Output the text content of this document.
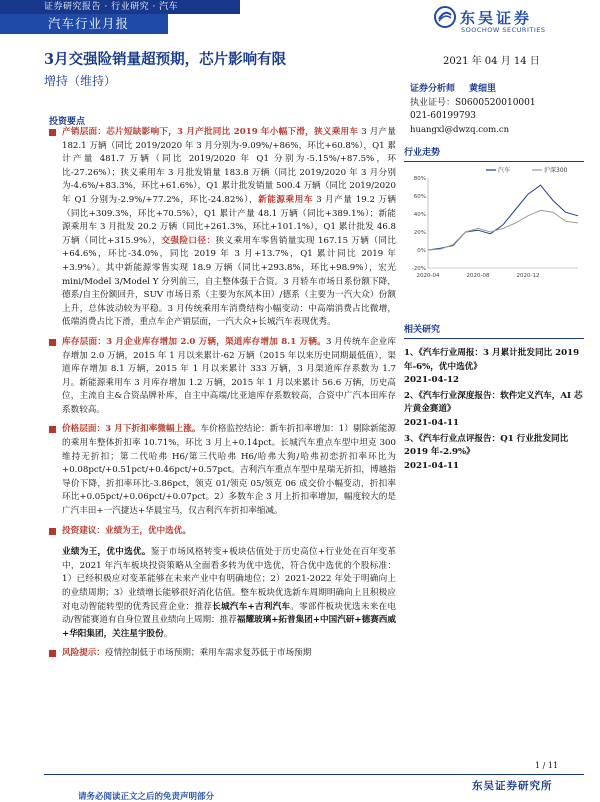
证券研究报告 · 行业研究 · 汽车
汽车行业月报	东吴证券
SOOCHOW SECURITIES
3月交强险销量超预期，芯片影响有限
增持（维持）
2021 年 04 月 14 日
证券分析师 黄细里
执业证号：S0600520010001
021-60199793
huangxl@dwzq.com.cn
投资要点
产销层面：芯片短缺影响下，3 月产批同比 2019 年小幅下滑，狭义乘用车 3 月产量 182.1 万辆（同比 2019/2020 年 3 月分别为-9.09%/+86%，环比+60.8%），Q1 累计产量 481.7 万辆（同比 2019/2020 年 Q1 分别为-5.15%/+87.5%，环比-27.26%）；狭义乘用车 3 月批发销量 183.8 万辆（同比 2019/2020 年 3 月分别为-4.6%/+83.3%，环比+61.6%），Q1 累计批发销量 500.4 万辆（同比 2019/2020 年 Q1 分别为-2.9%/+77.2%，环比-24.82%），新能源乘用车 3 月产量 19.2 万辆（同比+309.3%，环比+70.5%），Q1 累计产量 48.1 万辆（同比+389.1%）；新能源乘用车 3 月批发 20.2 万辆（同比+261.3%，环比+101.1%），Q1 累计批发 46.8 万辆（同比+315.9%），交强险口径：狭义乘用车零售销量实现 167.15 万辆（同比+64.6%，环比-34.0%，同比 2019 年 3 月+13.7%，Q1 累计同比 2019 年+3.9%）。其中新能源零售实现 18.9 万辆（同比+293.8%，环比+98.9%），宏光 mini/Model 3/Model Y 分列前三，自主整体强于合资。3 月轿车市场日系份额下降，德系/自主份额回升，SUV 市场日系（主要为东风本田）/德系（主要为一汽大众）份额上升，总体波动较为平稳。3 月传统乘用车消费结构小幅变动：中高端消费占比微增，低端消费占比下滑，重点车企产销层面，一汽大众+长城汽车表现优秀。
库存层面：3 月企业库存增加 2.0 万辆，渠道库存增加 8.1 万辆。3 月传统车企业库存增加 2.0 万辆，2015 年 1 月以来累计-62 万辆（2015 年以来历史同期最低值），渠道库存增加 8.1 万辆，2015 年 1 月以来累计 333 万辆，3 月渠道库存系数为 1.7 月。新能源乘用车 3 月库存增加 1.2 万辆，2015 年 1 月以来累计 56.6 万辆，历史高位，主流自主&合资品牌补库，自主中高端/比亚迪库存系数较高，合资中广汽本田库存系数较高。
价格层面：3 月下折扣率微幅上涨。车价格监控结论：新车折扣率增加：1）剔除新能源的乘用车整体折扣率 10.71%，环比 3 月上+0.14pct。长城汽车重点车型中坦克 300 维持无折扣；第二代哈弗 H6/第三代哈弗 H6/哈弗大狗/哈弗初恋折扣率环比为+0.08pct/+0.51pct/+0.46pct/+0.57pct。吉利汽车重点车型中星瑞无折扣，博越指导价下降，折扣率环比-3.86pct，领克 01/领克 05/领克 06 成交价小幅变动，折扣率环比+0.05pct/+0.06pct/+0.07pct。2）多数车企 3 月上折扣率增加，幅度较大的是广汽丰田+一汽捷达+华晨宝马，仅吉利汽车折扣率缩减。
投资建议：业绩为王，优中选优。
业绩为王，优中选优。鉴于市场风格转变+板块估值处于历史高位+行业处在百年变革中，2021 年汽车板块投资策略从全面看多转为优中选优，符合优中选优的个股标准：1）已经积极应对变革能够在未来产业中有明确地位；2）2021-2022 年处于明确向上的业绩周期；3）业绩增长能够很好消化估值。整车板块优选新车周期明确向上且积极应对电动智能转型的优秀民营企业：推荐长城汽车+吉利汽车。零部件板块优选未来在电动/智能赛道有自身位置且业绩向上周期：推荐福耀玻璃+拓普集团+中国汽研+德赛西威+华阳集团，关注星宇股份。
风险提示：疫情控制低于市场预期；乘用车需求复苏低于市场预期
行业走势
80%
60%
40%
20%
0%
-20%
2020-04	2020-08	2020-12
汽车	沪深300
相关研究
1、《汽车行业周报：3 月累计批发同比 2019 年-6%，优中选优》
2021-04-12
2、《汽车行业深度报告：软件定义汽车，AI 芯片黄金赛道》
2021-04-11
3、《汽车行业点评报告：Q1 行业批发同比 2019 年-2.9%》
2021-04-11
1 / 11
东吴证券研究所
请务必阅读正文之后的免责声明部分
